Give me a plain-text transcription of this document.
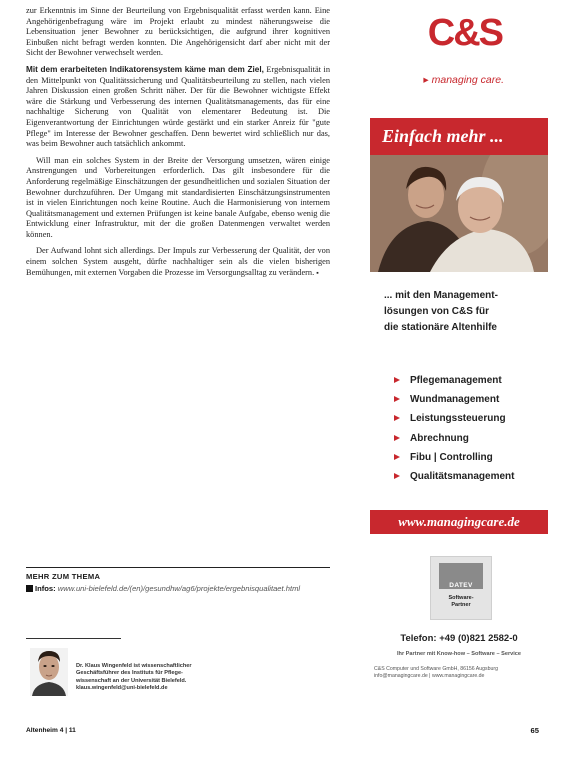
zur Erkenntnis im Sinne der Beurteilung von Ergebnisqualität erfasst werden kann. Eine Angehörigenbefragung wäre im Projekt erlaubt zu mindest näherungsweise die Lebensituation jener Bewohner zu berücksichtigen, die aufgrund ihrer kognitiven Einbußen nicht befragt werden konnten. Die Angehörigensicht darf aber nicht mit der Sicht der Bewohner verwechselt werden.

Mit dem erarbeiteten Indikatorensystem käme man dem Ziel, Ergebnisqualität in den Mittelpunkt von Qualitätssicherung und Qualitätsbeurteilung zu stellen, nach vielen Jahren Diskussion einen großen Schritt näher. Der für die Bewohner wichtigste Effekt wäre die Stärkung und Verbesserung des internen Qualitätsmanagements, das für eine nachhaltige Sicherung von Qualität von elementarer Bedeutung ist. Die Eigenverantwortung der Einrichtungen würde gestärkt und ein starker Anreiz für "gute Pflege" im Interesse der Bewohner geschaffen. Denn bewertet wird schließlich nur das, was beim Bewohner auch tatsächlich ankommt.

Will man ein solches System in der Breite der Versorgung umsetzen, wären einige Anstrengungen und Vorbereitungen erforderlich. Das gilt insbesondere für die Anforderung regelmäßige Einschätzungen der gesundheitlichen und sozialen Situation der Bewohner durchzuführen. Der Umgang mit standardisierten Einschätzungsinstrumenten ist in vielen Einrichtungen noch keine Routine. Auch die Harmonisierung von internem Qualitätsmanagement und externen Prüfungen ist keine banale Aufgabe, ebenso wenig die Entwicklung einer Infrastruktur, mit der die großen Datenmengen verwaltet werden können.

Der Aufwand lohnt sich allerdings. Der Impuls zur Verbesserung der Qualität, der von einem solchen System ausgeht, dürfte nachhaltiger sein als die vielen bisherigen Bemühungen, mit externen Vorgaben die Prozesse im Versorgungsalltag zu verändern. ▪

MEHR ZUM THEMA
Infos: www.uni-bielefeld.de/(en)/gesundhw/ag6/projekte/ergebnisqualitaet.html
Dr. Klaus Wingenfeld ist wissenschaftlicher
Geschäftsführer des Instituts für Pflege-
wissenschaft an der Universität Bielefeld.
klaus.wingenfeld@uni-bielefeld.de
Altenheim 4 | 11	65
C&S
▸ managing care.
Einfach mehr ...
... mit den Management-
lösungen von C&S für
die stationäre Altenhilfe
Pflegemanagement
Wundmanagement
Leistungssteuerung
Abrechnung
Fibu | Controlling
Qualitätsmanagement
www.managingcare.de
DATEV
Software-
Partner
Telefon: +49 (0)821 2582-0
Ihr Partner mit Know-how – Software – Service
C&S Computer und Software GmbH, 86156 Augsburg
info@managingcare.de | www.managingcare.de
